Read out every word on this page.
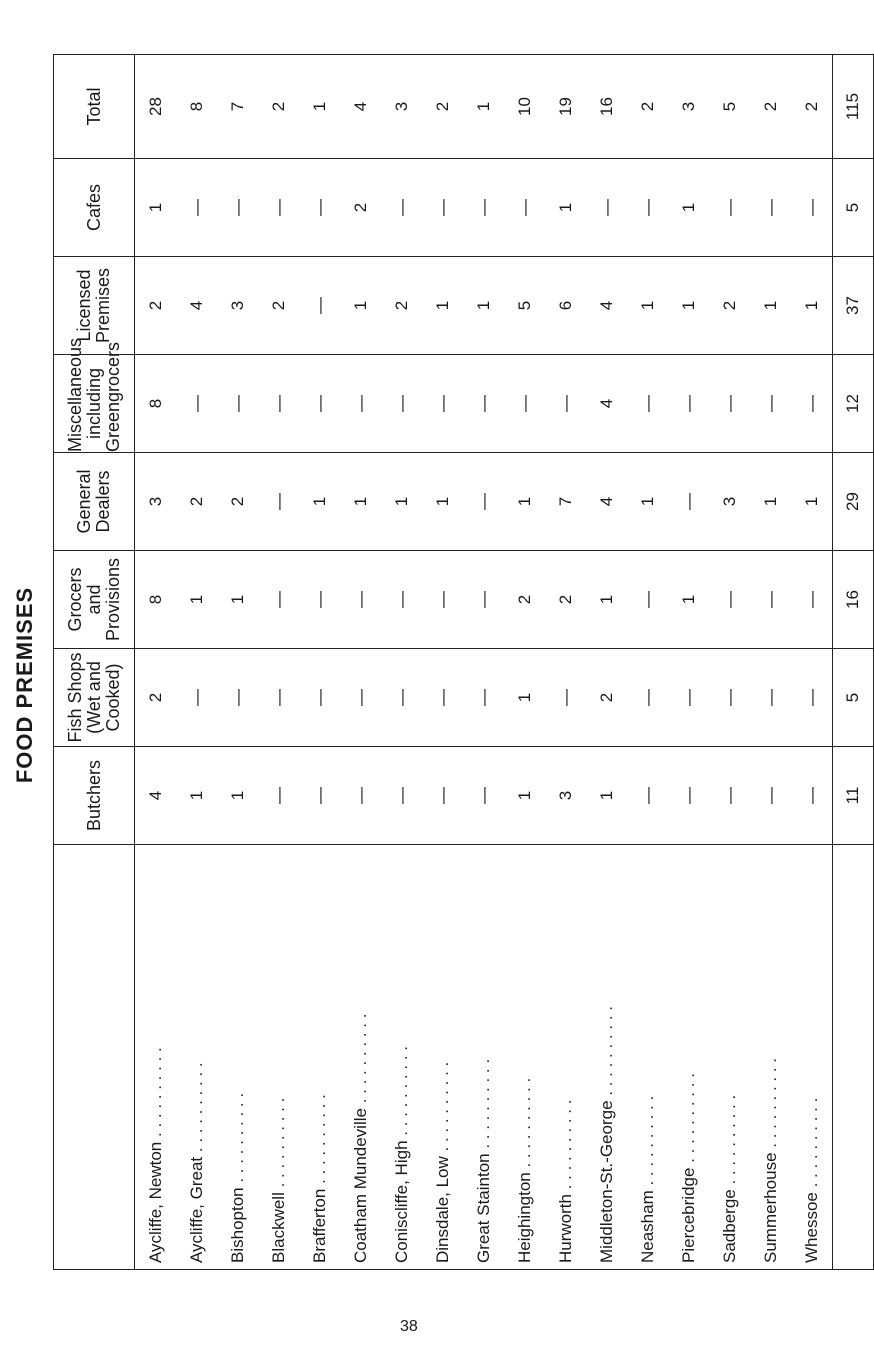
FOOD PREMISES
	Butchers	Fish Shops (Wet and Cooked)	Grocers and Provisions	General Dealers	Miscellaneous including Greengrocers	Licensed Premises	Cafes	Total
Aycliffe, Newton . . . . . . . . . .	4	2	8	3	8	2	1	28
Aycliffe, Great . . . . . . . . . .	1	—	1	2	—	4	—	8
Bishopton . . . . . . . . . .	1	—	1	2	—	3	—	7
Blackwell . . . . . . . . . .	—	—	—	—	—	2	—	2
Brafferton . . . . . . . . . .	—	—	—	1	—	—	—	1
Coatham Mundeville . . . . . . . . . .	—	—	—	1	—	1	2	4
Coniscliffe, High . . . . . . . . . .	—	—	—	1	—	2	—	3
Dinsdale, Low . . . . . . . . . .	—	—	—	1	—	1	—	2
Great Stainton . . . . . . . . . .	—	—	—	—	—	1	—	1
Heighington . . . . . . . . . .	1	1	2	1	—	5	—	10
Hurworth . . . . . . . . . .	3	—	2	7	—	6	1	19
Middleton-St.-George . . . . . . . . . .	1	2	1	4	4	4	—	16
Neasham . . . . . . . . . .	—	—	—	1	—	1	—	2
Piercebridge . . . . . . . . . .	—	—	1	—	—	1	1	3
Sadberge . . . . . . . . . .	—	—	—	3	—	2	—	5
Summerhouse . . . . . . . . . .	—	—	—	1	—	1	—	2
Whessoe . . . . . . . . . .	—	—	—	1	—	1	—	2
	11	5	16	29	12	37	5	115
38
